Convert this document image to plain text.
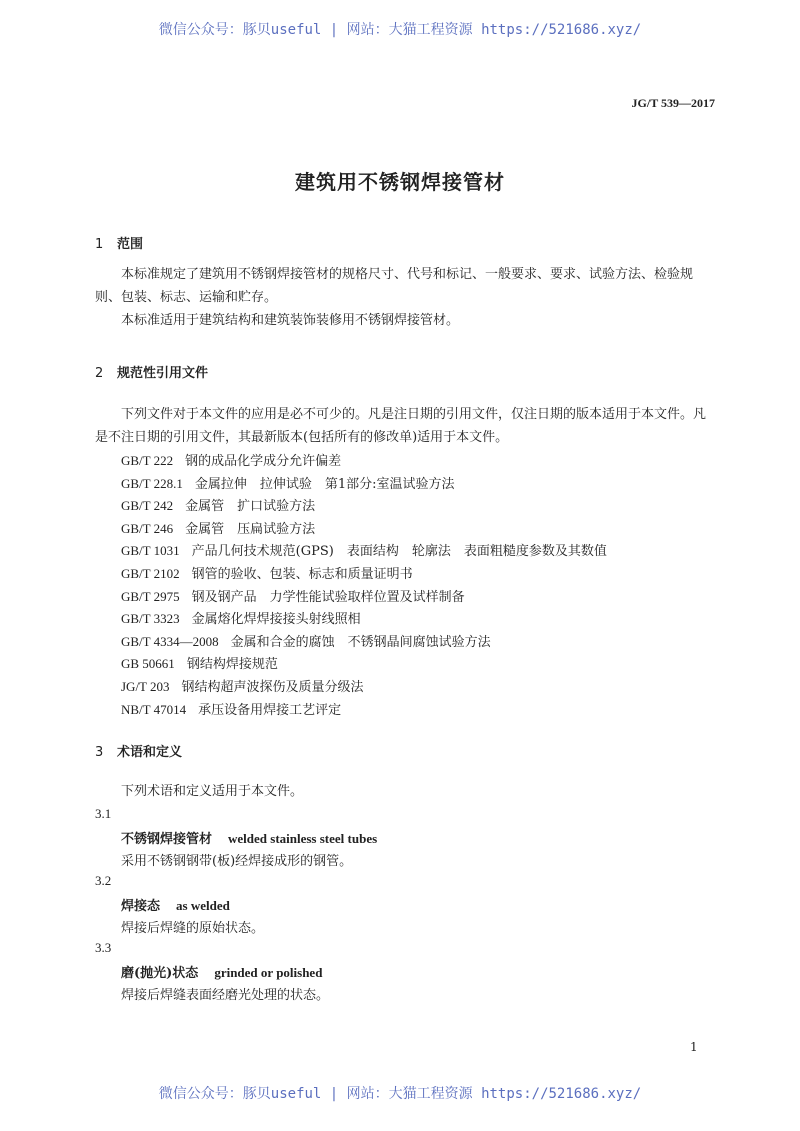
微信公众号：豚贝useful | 网站：大猫工程资源 https://521686.xyz/
JG/T 539—2017
建筑用不锈钢焊接管材
1 范围
本标准规定了建筑用不锈钢焊接管材的规格尺寸、代号和标记、一般要求、要求、试验方法、检验规则、包装、标志、运输和贮存。
本标准适用于建筑结构和建筑装饰装修用不锈钢焊接管材。
2 规范性引用文件
下列文件对于本文件的应用是必不可少的。凡是注日期的引用文件，仅注日期的版本适用于本文件。凡是不注日期的引用文件，其最新版本(包括所有的修改单)适用于本文件。
3 术语和定义
下列术语和定义适用于本文件。
1
微信公众号：豚贝useful | 网站：大猫工程资源 https://521686.xyz/
GB/T 222 钢的成品化学成分允许偏差
GB/T 228.1 金属拉伸　拉伸试验　第1部分:室温试验方法
GB/T 242 金属管　扩口试验方法
GB/T 246 金属管　压扁试验方法
GB/T 1031 产品几何技术规范(GPS)　表面结构　轮廓法　表面粗糙度参数及其数值
GB/T 2102 钢管的验收、包装、标志和质量证明书
GB/T 2975 钢及钢产品　力学性能试验取样位置及试样制备
GB/T 3323 金属熔化焊焊接接头射线照相
GB/T 4334—2008 金属和合金的腐蚀　不锈钢晶间腐蚀试验方法
GB 50661 钢结构焊接规范
JG/T 203 钢结构超声波探伤及质量分级法
NB/T 47014 承压设备用焊接工艺评定
3.1
不锈钢焊接管材 welded stainless steel tubes
采用不锈钢钢带(板)经焊接成形的钢管。
3.2
焊接态 as welded
焊接后焊缝的原始状态。
3.3
磨(抛光)状态 grinded or polished
焊接后焊缝表面经磨光处理的状态。
